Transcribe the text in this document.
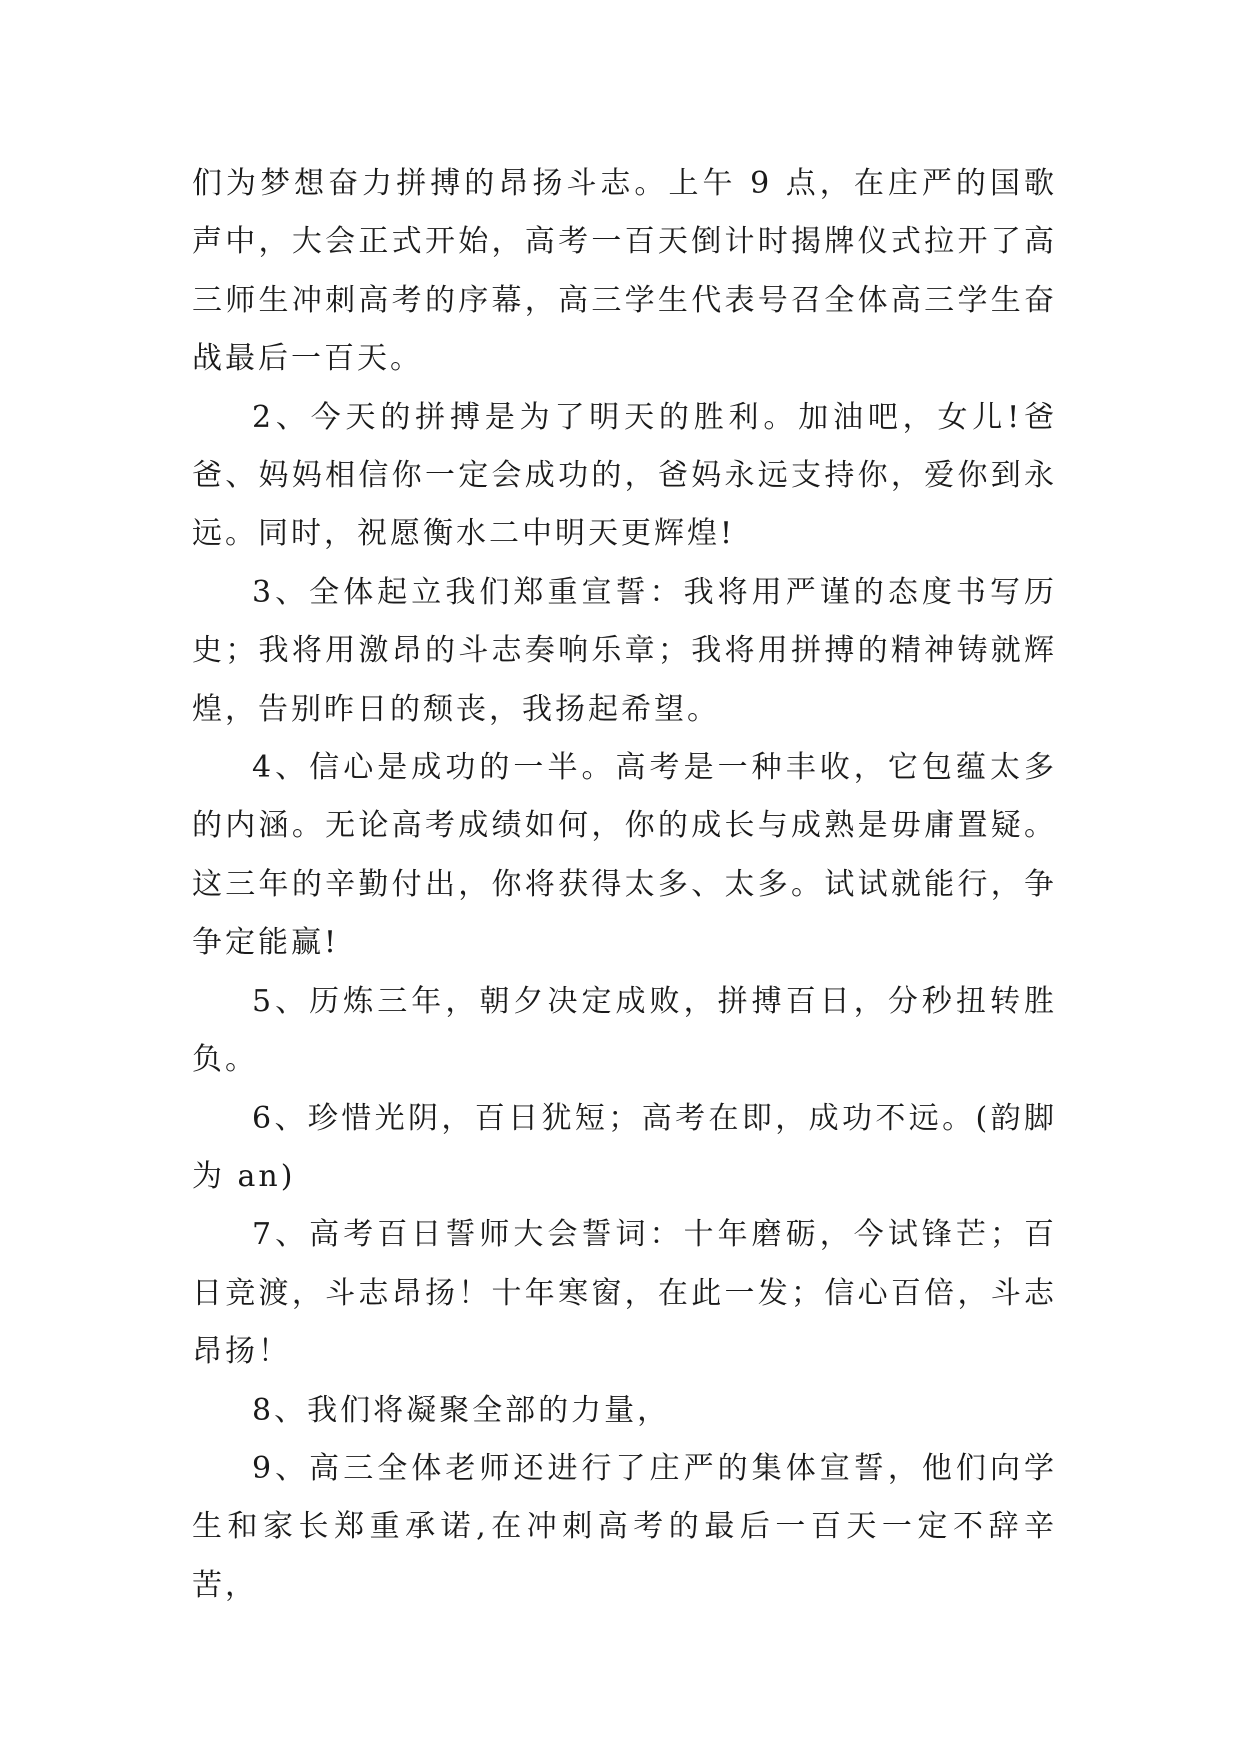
们为梦想奋力拼搏的昂扬斗志。上午 9 点，在庄严的国歌声中，大会正式开始，高考一百天倒计时揭牌仪式拉开了高三师生冲刺高考的序幕，高三学生代表号召全体高三学生奋战最后一百天。

2、今天的拼搏是为了明天的胜利。加油吧，女儿!爸爸、妈妈相信你一定会成功的，爸妈永远支持你，爱你到永远。同时，祝愿衡水二中明天更辉煌!

3、全体起立我们郑重宣誓：我将用严谨的态度书写历史；我将用激昂的斗志奏响乐章；我将用拼搏的精神铸就辉煌，告别昨日的颓丧，我扬起希望。

4、信心是成功的一半。高考是一种丰收，它包蕴太多的内涵。无论高考成绩如何，你的成长与成熟是毋庸置疑。这三年的辛勤付出，你将获得太多、太多。试试就能行，争争定能赢!

5、历炼三年，朝夕决定成败，拼搏百日，分秒扭转胜负。

6、珍惜光阴，百日犹短；高考在即，成功不远。(韵脚为 an)

7、高考百日誓师大会誓词：十年磨砺，今试锋芒；百日竞渡，斗志昂扬！十年寒窗，在此一发；信心百倍，斗志昂扬！

8、我们将凝聚全部的力量，

9、高三全体老师还进行了庄严的集体宣誓，他们向学生和家长郑重承诺,在冲刺高考的最后一百天一定不辞辛苦，
